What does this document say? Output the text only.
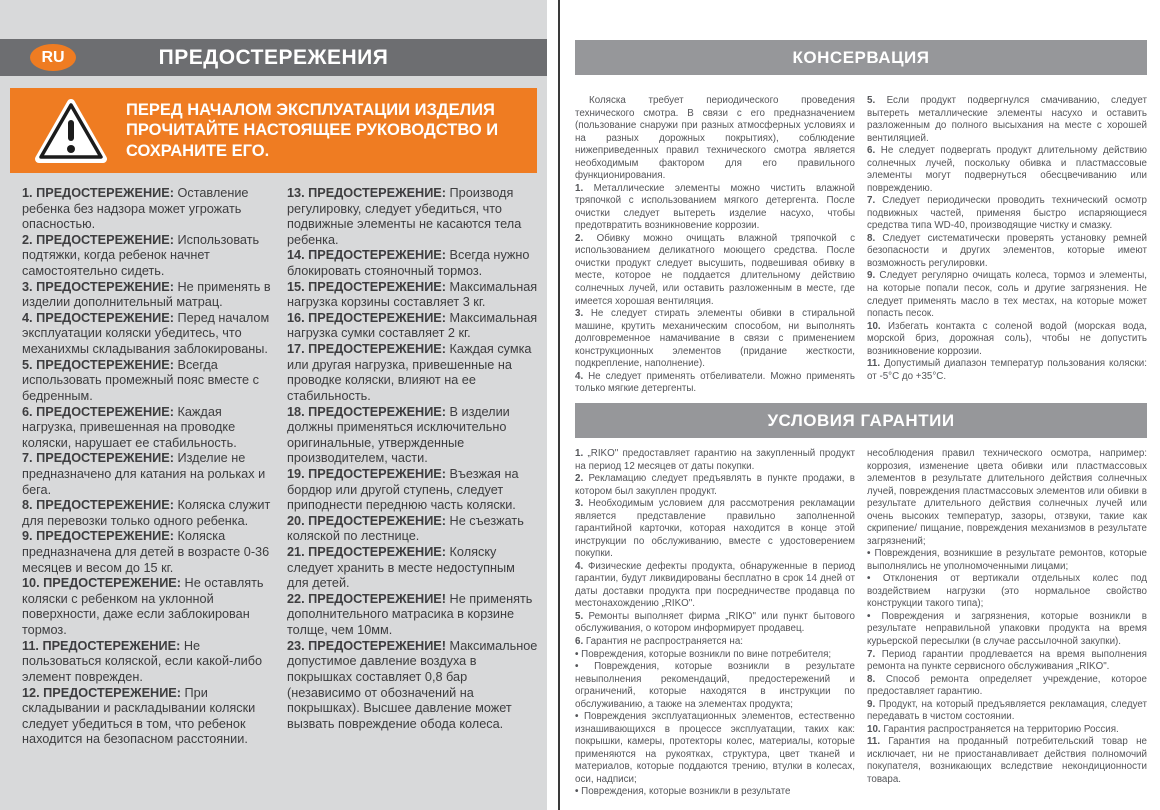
RU	ПРЕДОСТЕРЕЖЕНИЯ

ПЕРЕД НАЧАЛОМ ЭКСПЛУАТАЦИИ ИЗДЕЛИЯ ПРОЧИТАЙТЕ НАСТОЯЩЕЕ РУКОВОДСТВО И СОХРАНИТЕ ЕГО.

1. ПРЕДОСТЕРЕЖЕНИЕ: Оставление ребенка без надзора может угрожать опасностью.

2. ПРЕДОСТЕРЕЖЕНИЕ: Использовать подтяжки, когда ребенок начнет самостоятельно сидеть.

3. ПРЕДОСТЕРЕЖЕНИЕ: Не применять в изделии дополнительный матрац.

4. ПРЕДОСТЕРЕЖЕНИЕ: Перед началом эксплуатации коляски убедитесь, что механихмы складывания заблокированы.

5. ПРЕДОСТЕРЕЖЕНИЕ: Всегда использовать промежный пояс вместе с бедренным.

6. ПРЕДОСТЕРЕЖЕНИЕ: Каждая нагрузка, привешенная на проводке коляски, нарушает ее стабильность.

7. ПРЕДОСТЕРЕЖЕНИЕ: Изделие не предназначено для катания на рольках и бега.

8. ПРЕДОСТЕРЕЖЕНИЕ: Коляска служит для перевозки только одного ребенка.

9. ПРЕДОСТЕРЕЖЕНИЕ: Коляска предназначена для детей в возрасте 0-36 месяцев и весом до 15 кг.

10. ПРЕДОСТЕРЕЖЕНИЕ: Не оставлять коляски с ребенком на уклонной поверхности, даже если заблокирован тормоз.

11. ПРЕДОСТЕРЕЖЕНИЕ: Не пользоваться коляской, если какой-либо элемент поврежден.

12. ПРЕДОСТЕРЕЖЕНИЕ: При складывании и раскладывании коляски следует убедиться в том, что ребенок находится на безопасном расстоянии.

13. ПРЕДОСТЕРЕЖЕНИЕ: Производя регулировку, следует убедиться, что подвижные элементы не касаются тела ребенка.

14. ПРЕДОСТЕРЕЖЕНИЕ: Всегда нужно блокировать стояночный тормоз.

15. ПРЕДОСТЕРЕЖЕНИЕ: Максимальная нагрузка корзины составляет 3 кг.

16. ПРЕДОСТЕРЕЖЕНИЕ: Максимальная нагрузка сумки составляет 2 кг.

17. ПРЕДОСТЕРЕЖЕНИЕ: Каждая сумка или другая нагрузка, привешенные на проводке коляски, влияют на ее стабильность.

18. ПРЕДОСТЕРЕЖЕНИЕ: В изделии должны применяться исключительно оригинальные, утвержденные производителем, части.

19. ПРЕДОСТЕРЕЖЕНИЕ: Въезжая на бордюр или другой ступень, следует приподнести переднюю часть коляски.

20. ПРЕДОСТЕРЕЖЕНИЕ: Не съезжать коляской по лестнице.

21. ПРЕДОСТЕРЕЖЕНИЕ: Коляску следует хранить в месте недоступным для детей.

22. ПРЕДОСТЕРЕЖЕНИЕ! Не применять дополнительного матрасика в корзине толще, чем 10мм.

23. ПРЕДОСТЕРЕЖЕНИЕ! Максимальное допустимое давление воздуха в покрышках составляет 0,8 бар (независимо от обозначений на покрышках). Высшее давление может вызвать повреждение обода колеса.

КОНСЕРВАЦИЯ

Коляска требует периодического проведения технического смотра. В связи с его предназначением (пользование снаружи при разных атмосферных условиях и на разных дорожных покрытиях), соблюдение нижеприведенных правил технического смотра является необходимым фактором для его правильного функционирования.

1. Металлические элементы можно чистить влажной тряпочкой с использованием мягкого детергента. После очистки следует вытереть изделие насухо, чтобы предотвратить возникновение коррозии.

2. Обивку можно очищать влажной тряпочкой с использованием деликатного моющего средства. После очистки продукт следует высушить, подвешивая обивку в месте, которое не поддается длительному действию солнечных лучей, или оставить разложенным в месте, где имеется хорошая вентиляция.

3. Не следует стирать элементы обивки в стиральной машине, крутить механическим способом, ни выполнять долговременное намачивание в связи с применением конструкционных элементов (придание жесткости, подкрепление, наполнение).

4. Не следует применять отбеливатели. Можно применять только мягкие детергенты.

5. Если продукт подвергнулся смачиванию, следует вытереть металлические элементы насухо и оставить разложенным до полного высыхания на месте с хорошей вентиляцией.

6. Не следует подвергать продукт длительному действию солнечных лучей, поскольку обивка и пластмассовые элементы могут подвернуться обесцвечиванию или повреждению.

7. Следует периодически проводить технический осмотр подвижных частей, применяя быстро испаряющиеся средства типа WD-40, производящие чистку и смазку.

8. Следует систематически проверять установку ремней безопасности и других элементов, которые имеют возможность регулировки.

9. Следует регулярно очищать колеса, тормоз и элементы, на которые попали песок, соль и другие загрязнения. Не следует применять масло в тех местах, на которые может попасть песок.

10. Избегать контакта с соленой водой (морская вода, морской бриз, дорожная соль), чтобы не допустить возникновение коррозии.

11. Допустимый диапазон температур пользования коляски: от -5°C до +35°C.

УСЛОВИЯ ГАРАНТИИ

1. „RIKO" предоставляет гарантию на закупленный продукт на период 12 месяцев от даты покупки.

2. Рекламацию следует предъявлять в пункте продажи, в котором был закуплен продукт.

3. Необходимым условием для рассмотрения рекламации является представление правильно заполненной гарантийной карточки, которая находится в конце этой инструкции по обслуживанию, вместе с удостоверением покупки.

4. Физические дефекты продукта, обнаруженные в период гарантии, будут ликвидированы бесплатно в срок 14 дней от даты доставки продукта при посредничестве продавца по местонахождению „RIKO".

5. Ремонты выполняет фирма „RIKO" или пункт бытового обслуживания, о котором информирует продавец.

6. Гарантия не распространяется на:

• Повреждения, которые возникли по вине потребителя;

• Повреждения, которые возникли в результате невыполнения рекомендаций, предостережений и ограничений, которые находятся в инструкции по обслуживанию, а также на элементах продукта;

• Повреждения эксплуатационных элементов, естественно изнашивающихся в процессе эксплуатации, таких как: покрышки, камеры, протекторы колес, материалы, которые применяются на рукоятках, структура, цвет тканей и материалов, которые поддаются трению, втулки в колесах, оси, надписи;

• Повреждения, которые возникли в результате

несоблюдения правил технического осмотра, например: коррозия, изменение цвета обивки или пластмассовых элементов в результате длительного действия солнечных лучей, повреждения пластмассовых элементов или обивки в результате длительного действия солнечных лучей или очень высоких температур, зазоры, отзвуки, такие как скрипение/ пищание, повреждения механизмов в результате загрязнений;

• Повреждения, возникшие в результате ремонтов, которые выполнялись не уполномоченными лицами;

• Отклонения от вертикали отдельных колес под воздействием нагрузки (это нормальное свойство конструкции такого типа);

• Повреждения и загрязнения, которые возникли в результате неправильной упаковки продукта на время курьерской пересылки (в случае рассылочной закупки).

7. Период гарантии продлевается на время выполнения ремонта на пункте сервисного обслуживания „RIKO".

8. Способ ремонта определяет учреждение, которое предоставляет гарантию.

9. Продукт, на который предъявляется рекламация, следует передавать в чистом состоянии.

10. Гарантия распространяется на территорию Россия.

11. Гарантия на проданный потребительский товар не исключает, ни не приостанавливает действия полномочий покупателя, возникающих вследствие некондиционности товара.
